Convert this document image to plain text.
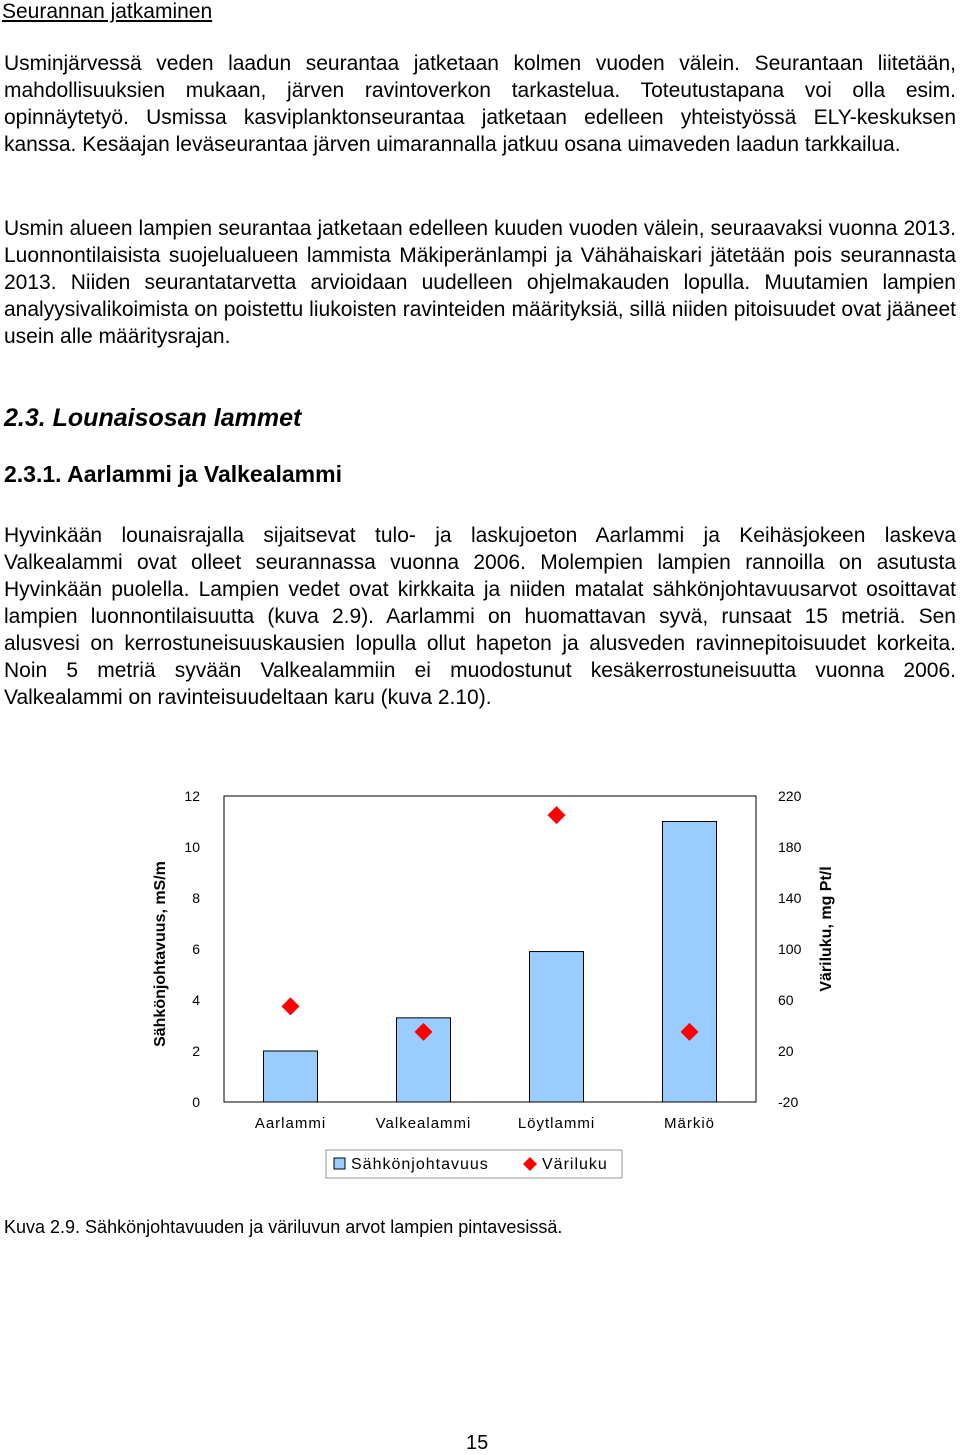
Seurannan jatkaminen

Usminjärvessä veden laadun seurantaa jatketaan kolmen vuoden välein. Seurantaan liitetään, mahdollisuuksien mukaan, järven ravintoverkon tarkastelua. Toteutustapana voi olla esim. opinnäytetyö. Usmissa kasviplanktonseurantaa jatketaan edelleen yhteistyössä ELY-keskuksen kanssa. Kesäajan leväseurantaa järven uimarannalla jatkuu osana uimaveden laadun tarkkailua.

Usmin alueen lampien seurantaa jatketaan edelleen kuuden vuoden välein, seuraavaksi vuonna 2013. Luonnontilaisista suojelualueen lammista Mäkiperänlampi ja Vähähaiskari jätetään pois seurannasta 2013. Niiden seurantatarvetta arvioidaan uudelleen ohjelmakauden lopulla. Muutamien lampien analyysivalikoimista on poistettu liukoisten ravinteiden määrityksiä, sillä niiden pitoisuudet ovat jääneet usein alle määritysrajan.

2.3. Lounaisosan lammet
2.3.1. Aarlammi ja Valkealammi

Hyvinkään lounaisrajalla sijaitsevat tulo- ja laskujoeton Aarlammi ja Keihäsjokeen laskeva Valkealammi ovat olleet seurannassa vuonna 2006. Molempien lampien rannoilla on asutusta Hyvinkään puolella. Lampien vedet ovat kirkkaita ja niiden matalat sähkönjohtavuusarvot osoittavat lampien luonnontilaisuutta (kuva 2.9). Aarlammi on huomattavan syvä, runsaat 15 metriä. Sen alusvesi on kerrostuneisuuskausien lopulla ollut hapeton ja alusveden ravinnepitoisuudet korkeita. Noin 5 metriä syvään Valkealammiin ei muodostunut kesäkerrostuneisuutta vuonna 2006. Valkealammi on ravinteisuudeltaan karu (kuva 2.10).

0
2
4
6
8
10
12
-20
20
60
100
140
180
220
Sähkönjohtavuus, mS/m	Väriluku, mg Pt/l
Aarlammi	Valkealammi	Löytlammi	Märkiö
Sähkönjohtavuus	Väriluku

Kuva 2.9. Sähkönjohtavuuden ja väriluvun arvot lampien pintavesissä.

15
